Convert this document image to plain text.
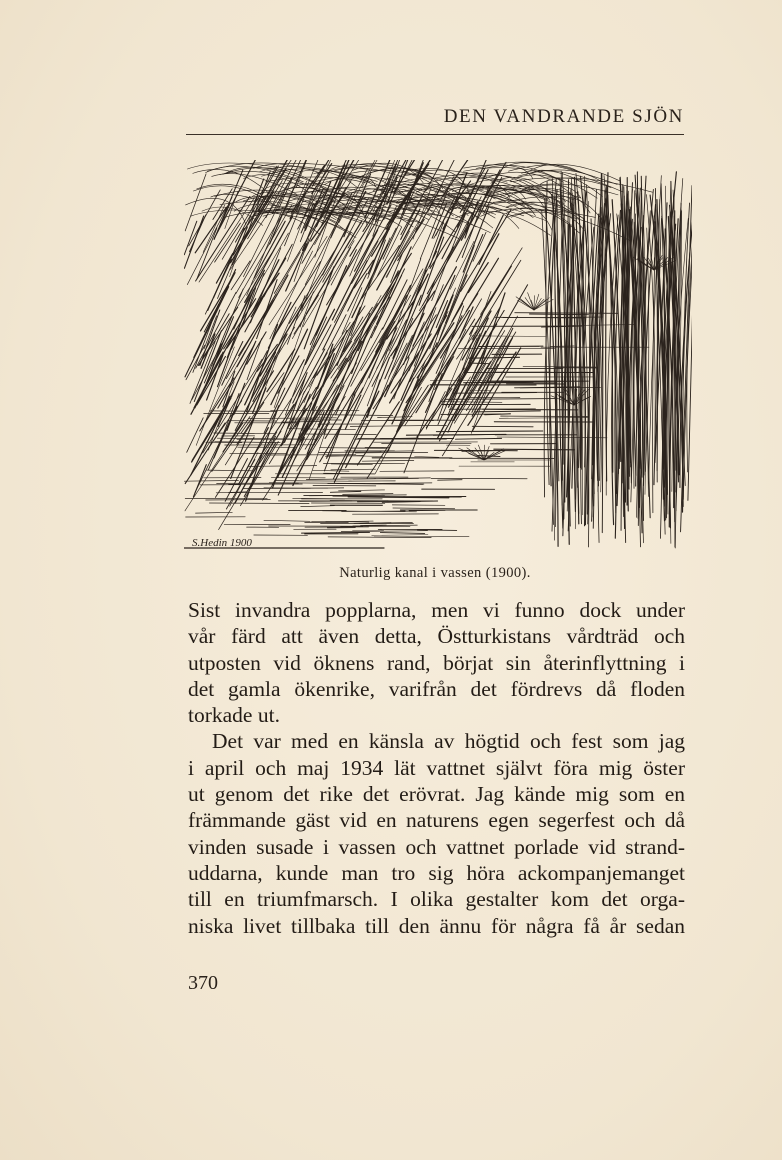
DEN VANDRANDE SJÖN
S.Hedin 1900
Naturlig kanal i vassen (1900).

Sist invandra popplarna, men vi funno dock under
vår färd att även detta, Östturkistans vårdträd och
utposten vid öknens rand, börjat sin återinflyttning i
det gamla ökenrike, varifrån det fördrevs då floden
torkade ut.

Det var med en känsla av högtid och fest som jag
i april och maj 1934 lät vattnet självt föra mig öster
ut genom det rike det erövrat. Jag kände mig som en
främmande gäst vid en naturens egen segerfest och då
vinden susade i vassen och vattnet porlade vid strand-
uddarna, kunde man tro sig höra ackompanjemanget
till en triumfmarsch. I olika gestalter kom det orga-
niska livet tillbaka till den ännu för några få år sedan

370
